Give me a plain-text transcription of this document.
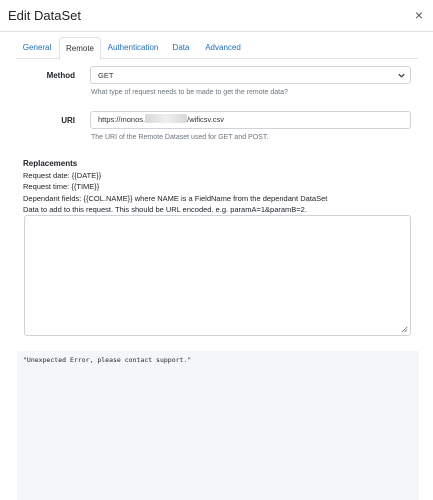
Edit DataSet	×
General	Remote	Authentication	Data	Advanced
Method	GET
What type of request needs to be made to get the remote data?
URI	https://monos.	/wificsv.csv
The URI of the Remote Dataset used for GET and POST.
Replacements
Request date: {{DATE}}
Request time: {{TIME}}
Dependant fields: {{COL.NAME}} where NAME is a FieldName from the dependant DataSet
Data to add to this request. This should be URL encoded. e.g. paramA=1&paramB=2.
"Unexpected Error, please contact support."
